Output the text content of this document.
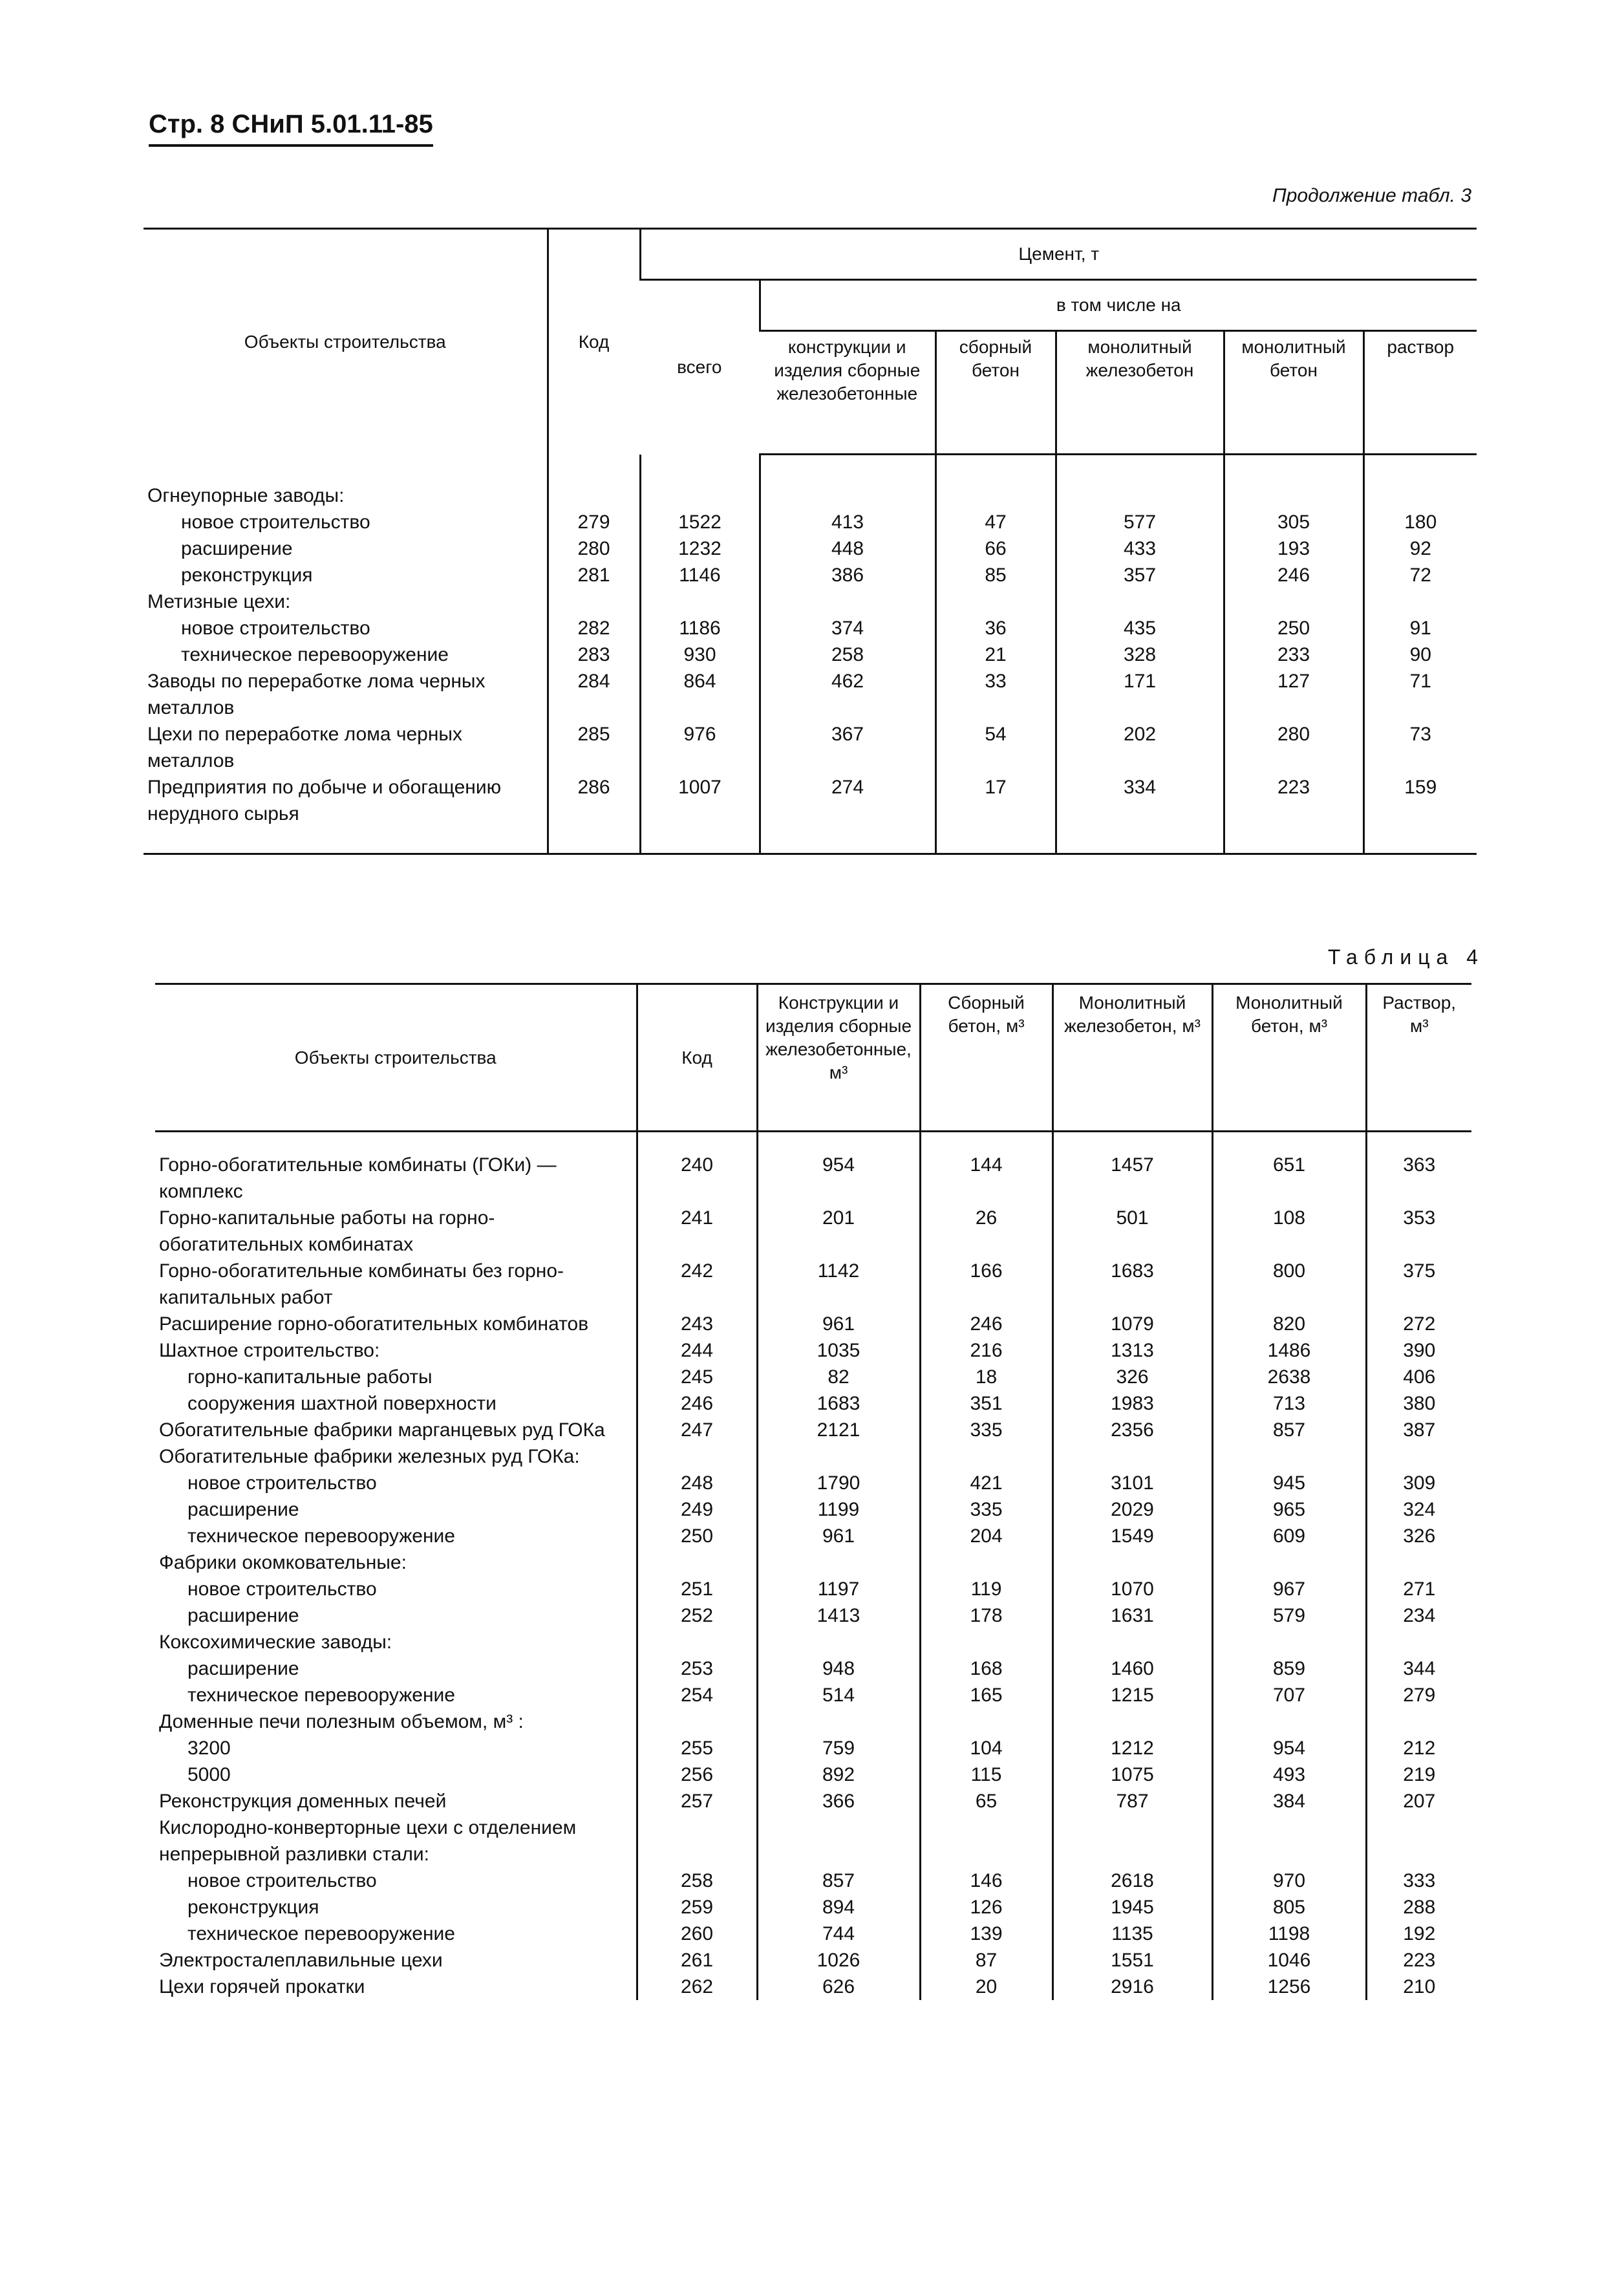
Стр. 8 СНиП 5.01.11-85
Продолжение табл. 3
Объекты строительства	Код	Цемент, т					
		всего	в том числе на				
			конструкции и изделия сборные железобетонные	сборный бетон	монолитный железобетон	монолитный бетон	раствор

Огнеупорные заводы:							
новое строительство	279	1522	413	47	577	305	180
расширение	280	1232	448	66	433	193	92
реконструкция	281	1146	386	85	357	246	72
Метизные цехи:							
новое строительство	282	1186	374	36	435	250	91
техническое перевооружение	283	930	258	21	328	233	90
Заводы по переработке лома черных металлов	284	864	462	33	171	127	71
Цехи по переработке лома черных металлов	285	976	367	54	202	280	73
Предприятия по добыче и обогащению нерудного сырья	286	1007	274	17	334	223	159

Таблица 4
Объекты строительства	Код	Конструкции и изделия сборные железобетонные, м³	Сборный бетон, м³	Монолитный железобетон, м³	Монолитный бетон, м³	Раствор, м³

Горно-обогатительные комбинаты (ГОКи) — комплекс	240	954	144	1457	651	363
Горно-капитальные работы на горно- обогатительных комбинатах	241	201	26	501	108	353
Горно-обогатительные комбинаты без горно-капитальных работ	242	1142	166	1683	800	375
Расширение горно-обогатительных комбинатов	243	961	246	1079	820	272
Шахтное строительство:	244	1035	216	1313	1486	390
горно-капитальные работы	245	82	18	326	2638	406
сооружения шахтной поверхности	246	1683	351	1983	713	380
Обогатительные фабрики марганцевых руд ГОКа	247	2121	335	2356	857	387
Обогатительные фабрики железных руд ГОКа:						
новое строительство	248	1790	421	3101	945	309
расширение	249	1199	335	2029	965	324
техническое перевооружение	250	961	204	1549	609	326
Фабрики окомковательные:						
новое строительство	251	1197	119	1070	967	271
расширение	252	1413	178	1631	579	234
Коксохимические заводы:						
расширение	253	948	168	1460	859	344
техническое перевооружение	254	514	165	1215	707	279
Доменные печи полезным объемом, м³ :						
3200	255	759	104	1212	954	212
5000	256	892	115	1075	493	219
Реконструкция доменных печей	257	366	65	787	384	207
Кислородно-конверторные цехи с отделением непрерывной разливки стали:						
новое строительство	258	857	146	2618	970	333
реконструкция	259	894	126	1945	805	288
техническое перевооружение	260	744	139	1135	1198	192
Электросталеплавильные цехи	261	1026	87	1551	1046	223
Цехи горячей прокатки	262	626	20	2916	1256	210
